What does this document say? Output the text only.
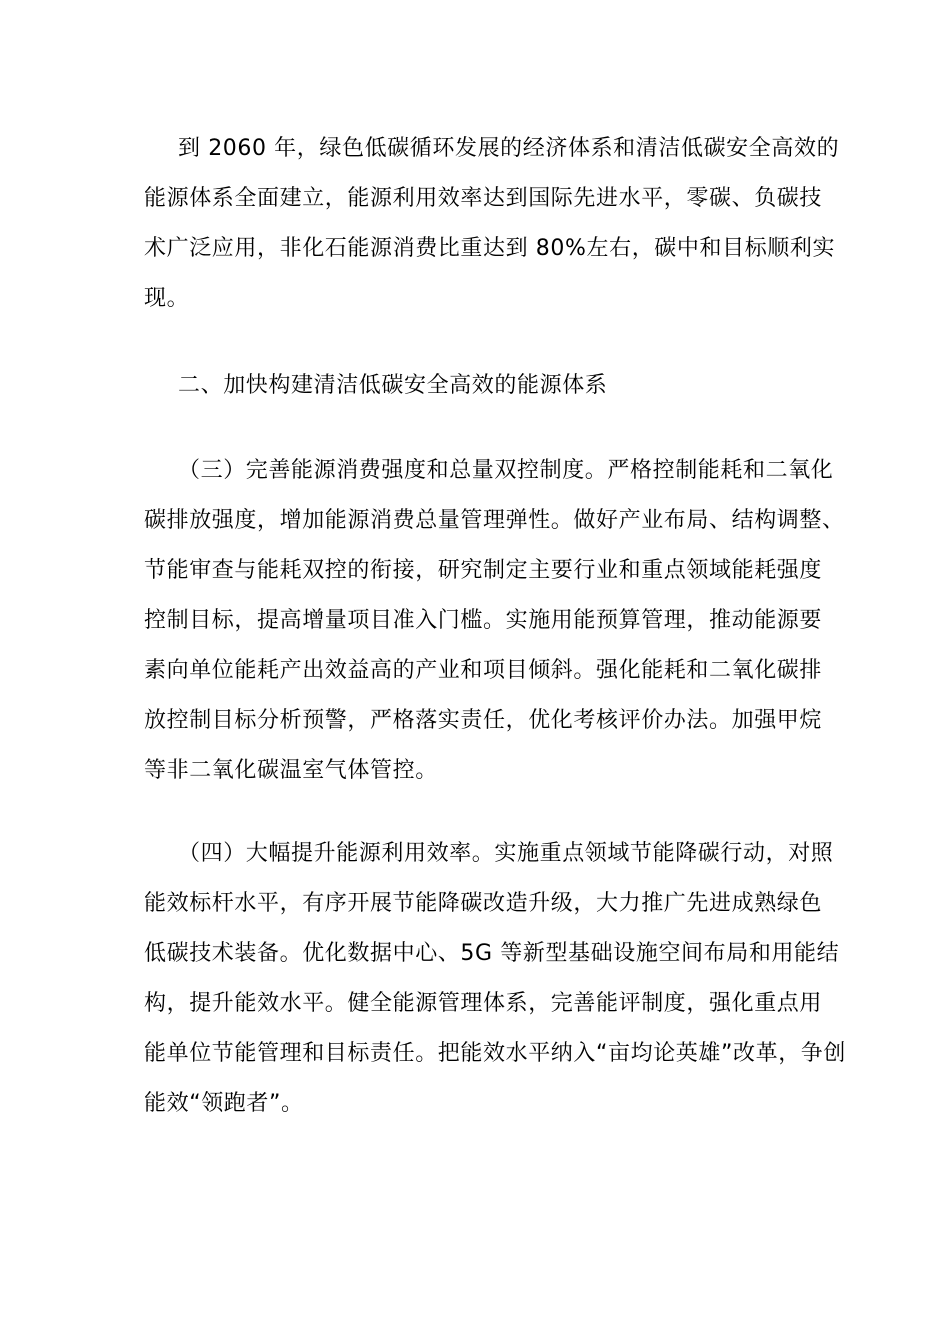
到 2060 年，绿色低碳循环发展的经济体系和清洁低碳安全高效的
能源体系全面建立，能源利用效率达到国际先进水平，零碳、负碳技
术广泛应用，非化石能源消费比重达到 80%左右，碳中和目标顺利实
现。
二、加快构建清洁低碳安全高效的能源体系
（三）完善能源消费强度和总量双控制度。严格控制能耗和二氧化
碳排放强度，增加能源消费总量管理弹性。做好产业布局、结构调整、
节能审查与能耗双控的衔接，研究制定主要行业和重点领域能耗强度
控制目标，提高增量项目准入门槛。实施用能预算管理，推动能源要
素向单位能耗产出效益高的产业和项目倾斜。强化能耗和二氧化碳排
放控制目标分析预警，严格落实责任，优化考核评价办法。加强甲烷
等非二氧化碳温室气体管控。
（四）大幅提升能源利用效率。实施重点领域节能降碳行动，对照
能效标杆水平，有序开展节能降碳改造升级，大力推广先进成熟绿色
低碳技术装备。优化数据中心、5G 等新型基础设施空间布局和用能结
构，提升能效水平。健全能源管理体系，完善能评制度，强化重点用
能单位节能管理和目标责任。把能效水平纳入“亩均论英雄”改革，争创
能效“领跑者”。
